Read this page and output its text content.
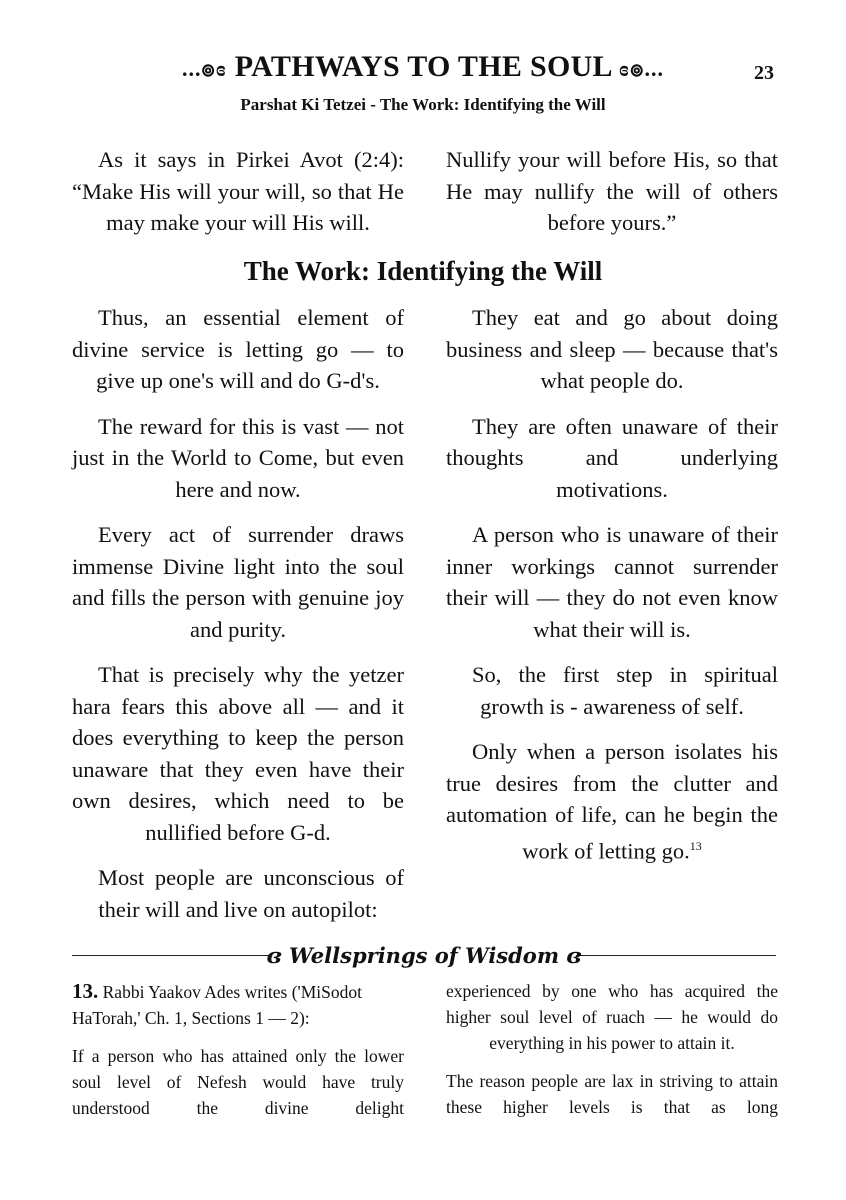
...๏ɞ PATHWAYS TO THE SOUL ɞ๏...	23
Parshat Ki Tetzei - The Work: Identifying the Will

As it says in Pirkei Avot (2:4): “Make His will your will, so that He may make your will His will.

Nullify your will before His, so that He may nullify the will of others before yours.”

The Work: Identifying the Will

Thus, an essential element of divine service is letting go — to give up one's will and do G-d's.

The reward for this is vast — not just in the World to Come, but even here and now.

Every act of surrender draws immense Divine light into the soul and fills the person with genuine joy and purity.

That is precisely why the yetzer hara fears this above all — and it does everything to keep the person unaware that they even have their own desires, which need to be nullified before G-d.

Most people are unconscious of their will and live on autopilot:

They eat and go about doing business and sleep — because that's what people do.

They are often unaware of their thoughts and underlying motivations.

A person who is unaware of their inner workings cannot surrender their will — they do not even know what their will is.

So, the first step in spiritual growth is - awareness of self.

Only when a person isolates his true desires from the clutter and automation of life, can he begin the work of letting go.$^{13}$

ɞ Wellsprings of Wisdom ɞ

13. Rabbi Yaakov Ades writes ('MiSodot HaTorah,' Ch. 1, Sections 1 — 2):

If a person who has attained only the lower soul level of Nefesh would have truly understood the divine delight

experienced by one who has acquired the higher soul level of ruach — he would do everything in his power to attain it.

The reason people are lax in striving to attain these higher levels is that as long
